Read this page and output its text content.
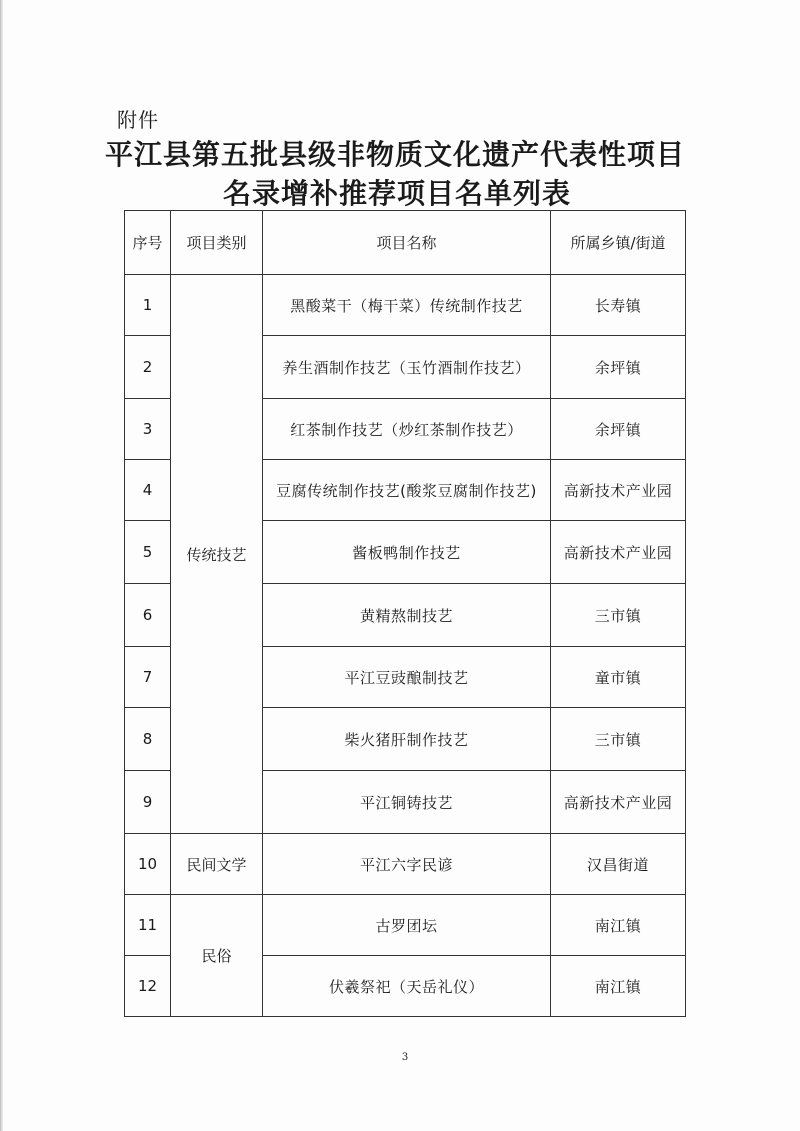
附件
平江县第五批县级非物质文化遗产代表性项目
名录增补推荐项目名单列表
序号	项目类别	项目名称	所属乡镇/街道
1	传统技艺	黑酸菜干（梅干菜）传统制作技艺	长寿镇
2		养生酒制作技艺（玉竹酒制作技艺）	余坪镇
3		红茶制作技艺（炒红茶制作技艺）	余坪镇
4		豆腐传统制作技艺(酸浆豆腐制作技艺)	高新技术产业园
5		酱板鸭制作技艺	高新技术产业园
6		黄精熬制技艺	三市镇
7		平江豆豉酿制技艺	童市镇
8		柴火猪肝制作技艺	三市镇
9		平江铜铸技艺	高新技术产业园
10	民间文学	平江六字民谚	汉昌街道
11	民俗	古罗团坛	南江镇
12		伏羲祭祀（天岳礼仪）	南江镇
3
